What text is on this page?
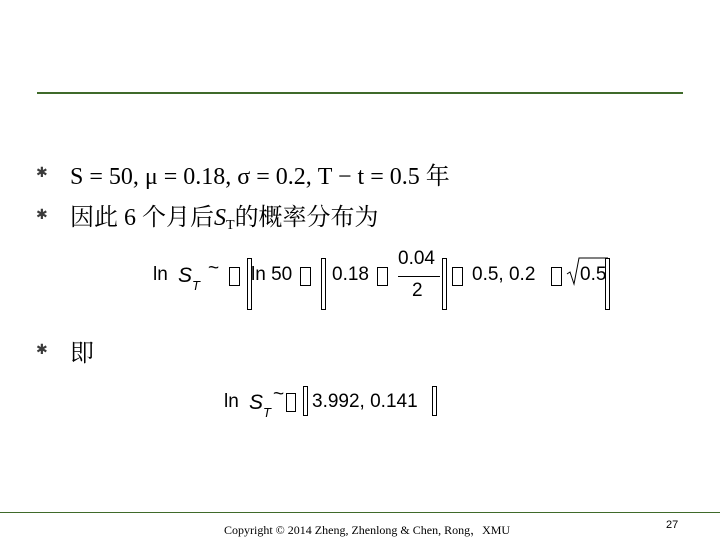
✱ S = 50, μ = 0.18, σ = 0.2, T − t = 0.5 年
✱ 因此 6 个月后$S_T$的概率分布为
ln S T
~ ln 50 0.18
0.04
2
0.5, 0.2 0.5
✱ 即
ln S T
~ 3.992, 0.141
Copyright © 2014 Zheng, Zhenlong & Chen, Rong，XMU	27
